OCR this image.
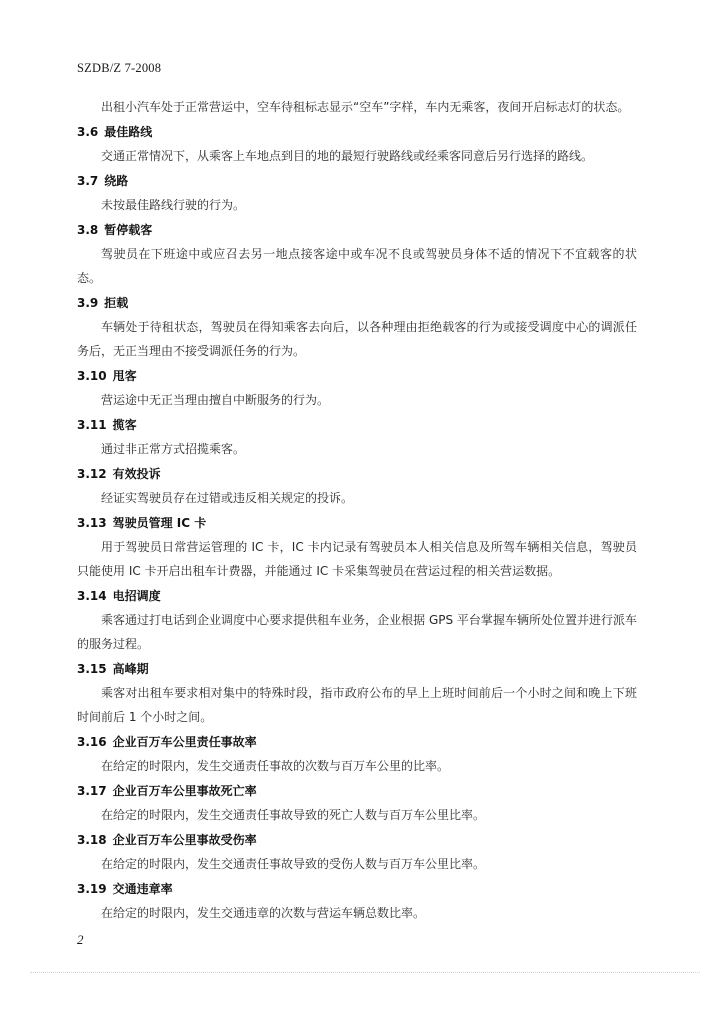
SZDB/Z 7-2008

出租小汽车处于正常营运中，空车待租标志显示“空车”字样，车内无乘客，夜间开启标志灯的状态。

3.6 最佳路线

交通正常情况下，从乘客上车地点到目的地的最短行驶路线或经乘客同意后另行选择的路线。

3.7 绕路

未按最佳路线行驶的行为。

3.8 暂停载客

驾驶员在下班途中或应召去另一地点接客途中或车况不良或驾驶员身体不适的情况下不宜载客的状态。

3.9 拒载

车辆处于待租状态，驾驶员在得知乘客去向后，以各种理由拒绝载客的行为或接受调度中心的调派任务后，无正当理由不接受调派任务的行为。

3.10 甩客

营运途中无正当理由擅自中断服务的行为。

3.11 揽客

通过非正常方式招揽乘客。

3.12 有效投诉

经证实驾驶员存在过错或违反相关规定的投诉。

3.13 驾驶员管理 IC 卡

用于驾驶员日常营运管理的 IC 卡，IC 卡内记录有驾驶员本人相关信息及所驾车辆相关信息，驾驶员只能使用 IC 卡开启出租车计费器，并能通过 IC 卡采集驾驶员在营运过程的相关营运数据。

3.14 电招调度

乘客通过打电话到企业调度中心要求提供租车业务，企业根据 GPS 平台掌握车辆所处位置并进行派车的服务过程。

3.15 高峰期

乘客对出租车要求相对集中的特殊时段，指市政府公布的早上上班时间前后一个小时之间和晚上下班时间前后 1 个小时之间。

3.16 企业百万车公里责任事故率

在给定的时限内，发生交通责任事故的次数与百万车公里的比率。

3.17 企业百万车公里事故死亡率

在给定的时限内，发生交通责任事故导致的死亡人数与百万车公里比率。

3.18 企业百万车公里事故受伤率

在给定的时限内，发生交通责任事故导致的受伤人数与百万车公里比率。

3.19 交通违章率

在给定的时限内，发生交通违章的次数与营运车辆总数比率。

2
